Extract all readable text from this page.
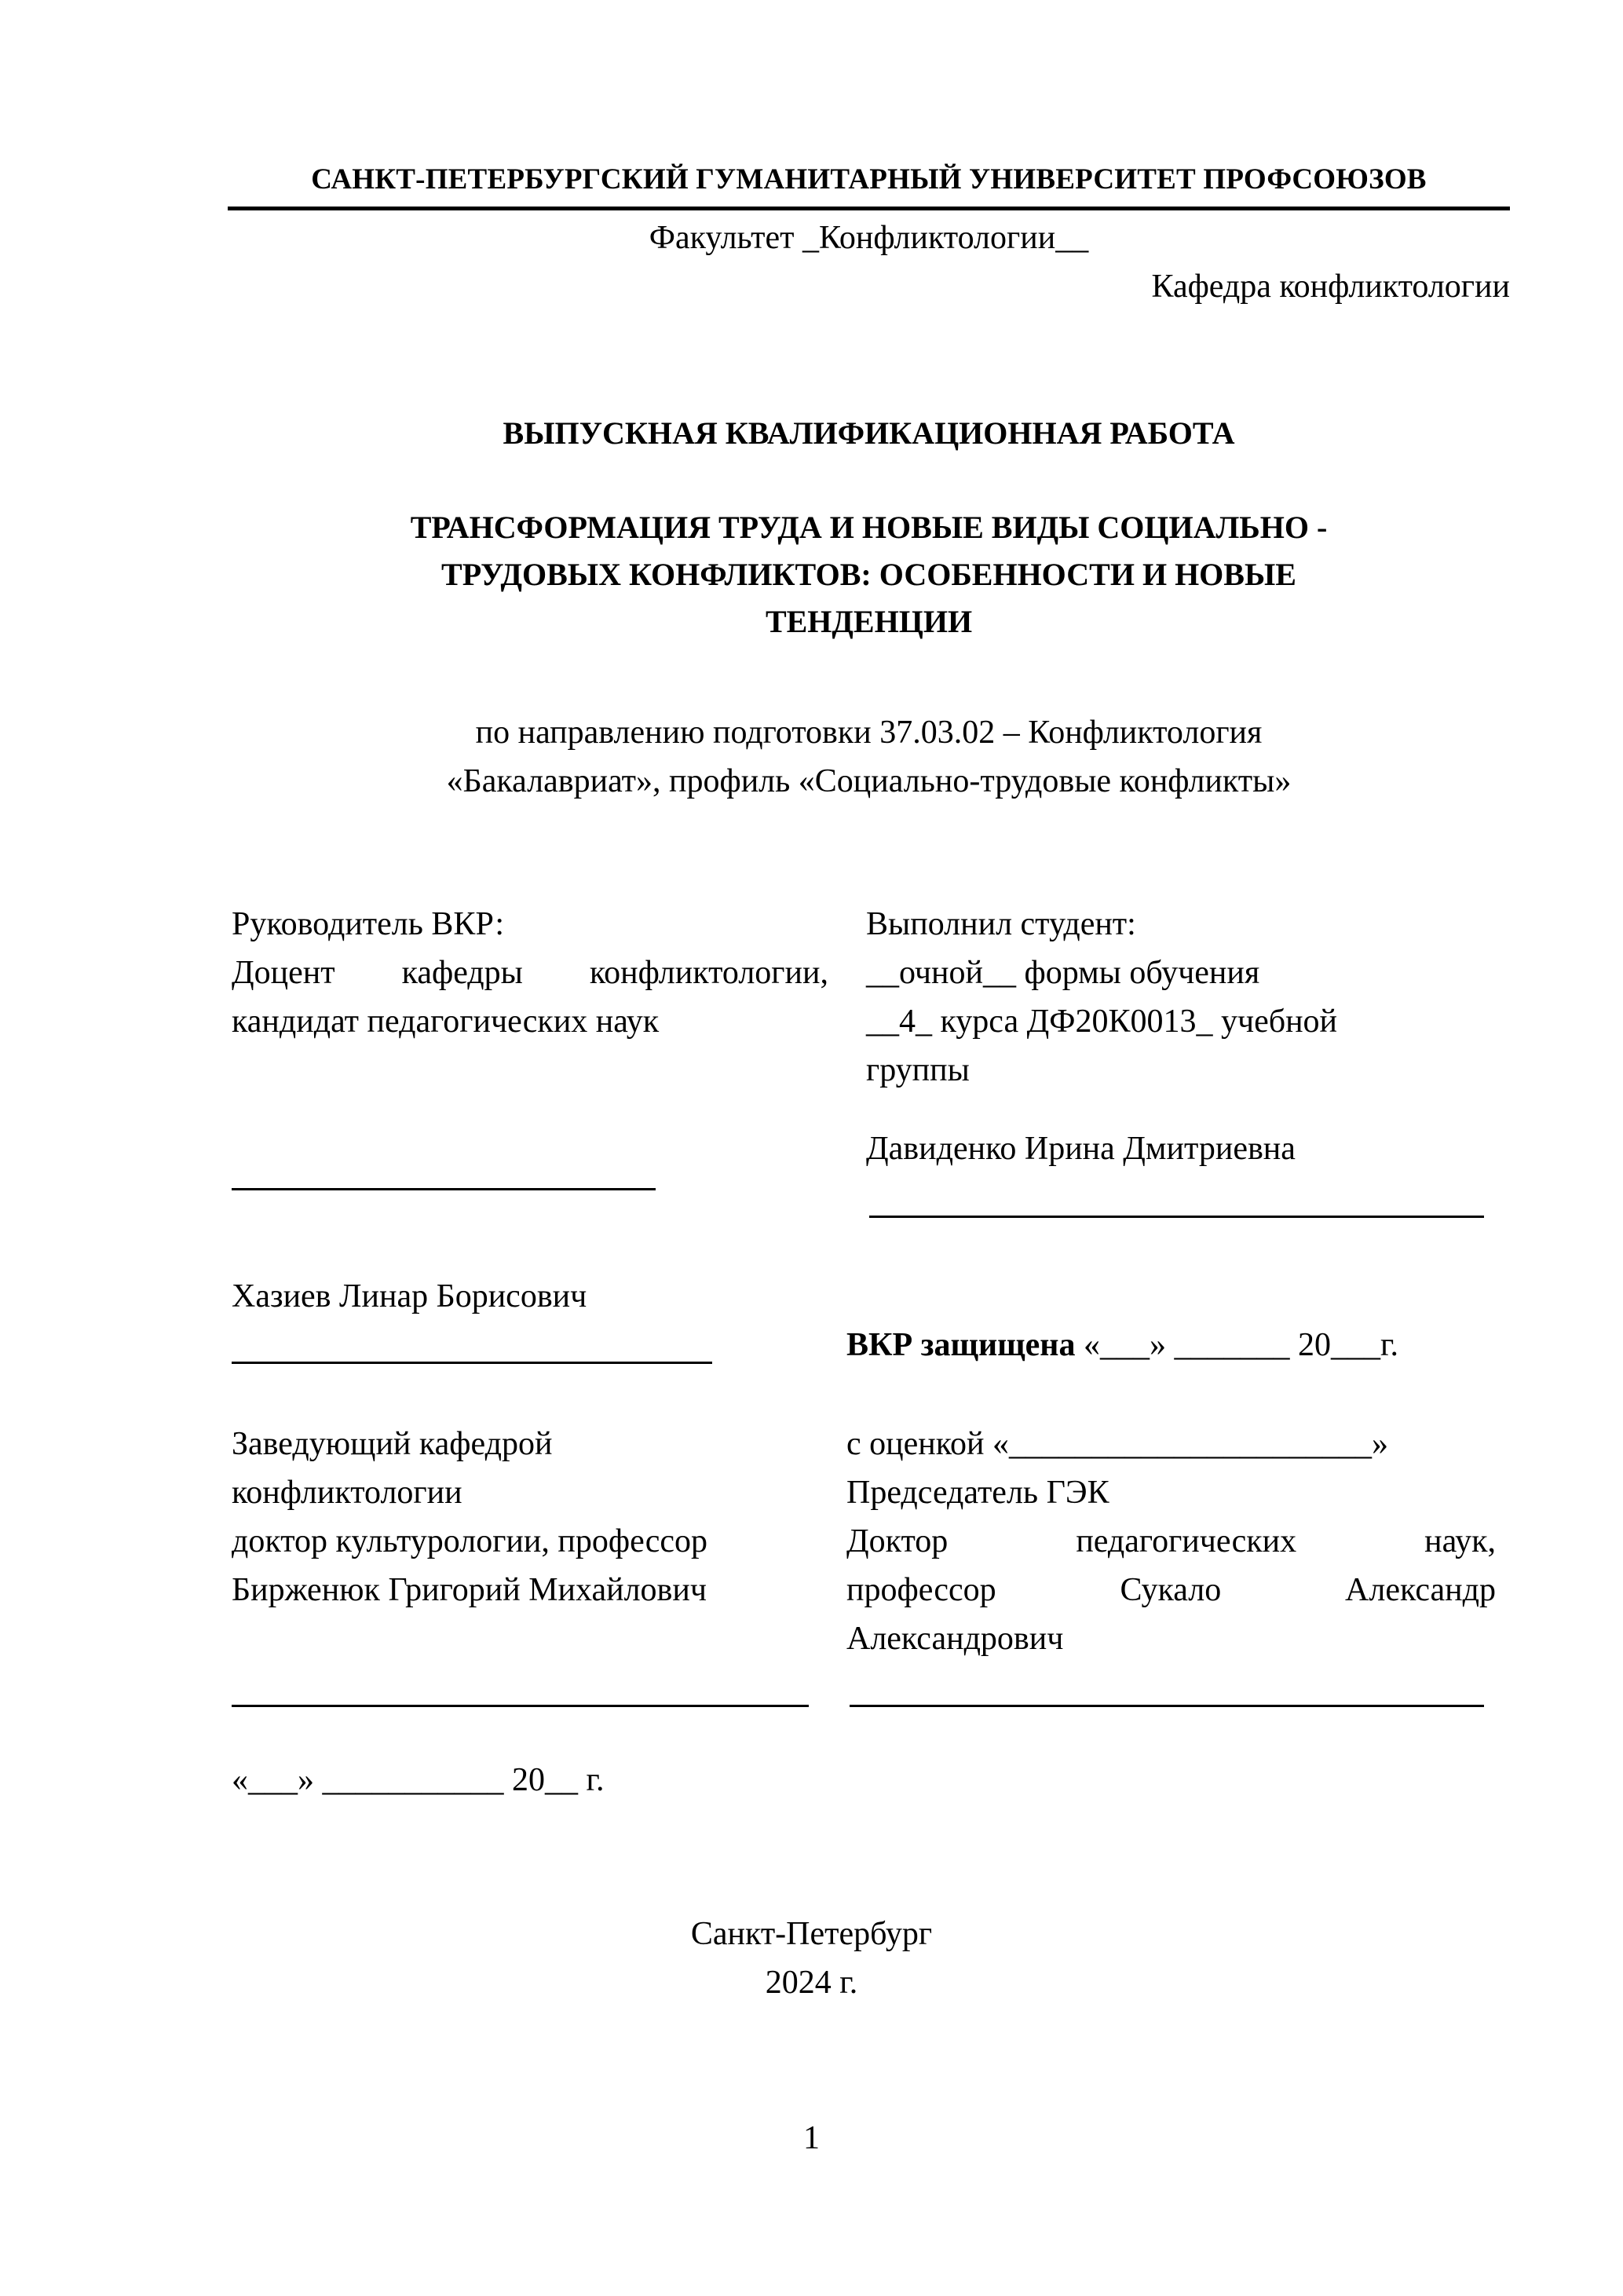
САНКТ-ПЕТЕРБУРГСКИЙ ГУМАНИТАРНЫЙ УНИВЕРСИТЕТ ПРОФСОЮЗОВ
Факультет _Конфликтологии__
Кафедра конфликтологии
ВЫПУСКНАЯ КВАЛИФИКАЦИОННАЯ РАБОТА
ТРАНСФОРМАЦИЯ ТРУДА И НОВЫЕ ВИДЫ СОЦИАЛЬНО -
ТРУДОВЫХ КОНФЛИКТОВ: ОСОБЕННОСТИ И НОВЫЕ
ТЕНДЕНЦИИ
по направлению подготовки 37.03.02 – Конфликтология
«Бакалавриат», профиль «Социально-трудовые конфликты»
Руководитель ВКР:
Доцент кафедры конфликтологии,
кандидат педагогических наук
Хазиев Линар Борисович
Выполнил студент:
__очной__ формы обучения
__4_ курса ДФ20К0013_ учебной
группы
Давиденко Ирина Дмитриевна
ВКР защищена «___» _______ 20___г.
Заведующий кафедрой
конфликтологии
доктор культурологии, профессор
Бирженюк Григорий Михайлович
«___» ___________ 20__ г.
с оценкой «______________________»
Председатель ГЭК
Доктор	педагогических	наук,
профессор	Сукало	Александр
Александрович
Санкт-Петербург
2024 г.
1
